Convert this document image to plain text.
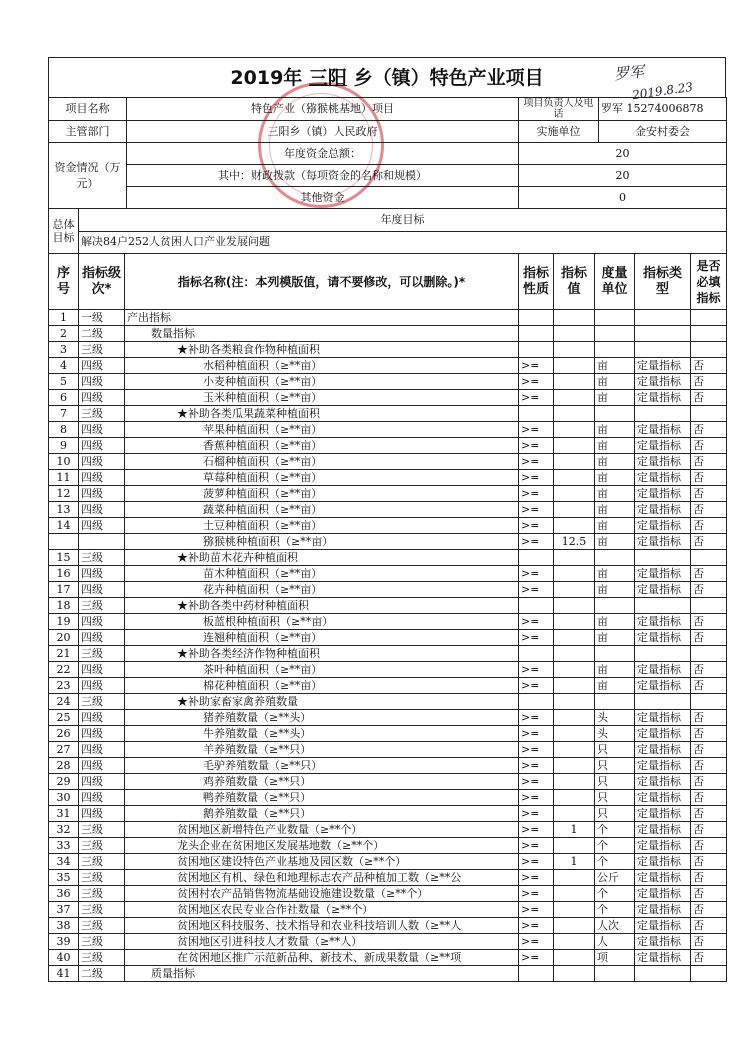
2019年 三阳 乡（镇）特色产业项目	罗军
2019.8.23
项目名称	特色产业（猕猴桃基地）项目	项目负责人及电话	罗军 15274006878
主管部门	三阳乡（镇）人民政府	实施单位	金安村委会
资金情况（万元）	年度资金总额：	20
	其中：财政拨款（每项资金的名称和规模）	20
	其他资金	0
总体目标	年度目标
解决84户252人贫困人口产业发展问题
序号	指标级次*	指标名称(注：本列模版值，请不要修改，可以删除。)*	指标性质	指标值	度量单位	指标类型	是否必填指标
1	一级	产出指标					
2	二级	数量指标					
3	三级	★补助各类粮食作物种植面积					
4	四级	水稻种植面积（≥**亩）	>=		亩	定量指标	否
5	四级	小麦种植面积（≥**亩）	>=		亩	定量指标	否
6	四级	玉米种植面积（≥**亩）	>=		亩	定量指标	否
7	三级	★补助各类瓜果蔬菜种植面积					
8	四级	苹果种植面积（≥**亩）	>=		亩	定量指标	否
9	四级	香蕉种植面积（≥**亩）	>=		亩	定量指标	否
10	四级	石榴种植面积（≥**亩）	>=		亩	定量指标	否
11	四级	草莓种植面积（≥**亩）	>=		亩	定量指标	否
12	四级	菠萝种植面积（≥**亩）	>=		亩	定量指标	否
13	四级	蔬菜种植面积（≥**亩）	>=		亩	定量指标	否
14	四级	土豆种植面积（≥**亩）	>=		亩	定量指标	否
		猕猴桃种植面积（≥**亩）	>=	12.5	亩	定量指标	否
15	三级	★补助苗木花卉种植面积					
16	四级	苗木种植面积（≥**亩）	>=		亩	定量指标	否
17	四级	花卉种植面积（≥**亩）	>=		亩	定量指标	否
18	三级	★补助各类中药材种植面积					
19	四级	板蓝根种植面积（≥**亩）	>=		亩	定量指标	否
20	四级	连翘种植面积（≥**亩）	>=		亩	定量指标	否
21	三级	★补助各类经济作物种植面积					
22	四级	茶叶种植面积（≥**亩）	>=		亩	定量指标	否
23	四级	棉花种植面积（≥**亩）	>=		亩	定量指标	否
24	三级	★补助家畜家禽养殖数量					
25	四级	猪养殖数量（≥**头）	>=		头	定量指标	否
26	四级	牛养殖数量（≥**头）	>=		头	定量指标	否
27	四级	羊养殖数量（≥**只）	>=		只	定量指标	否
28	四级	毛驴养殖数量（≥**只）	>=		只	定量指标	否
29	四级	鸡养殖数量（≥**只）	>=		只	定量指标	否
30	四级	鸭养殖数量（≥**只）	>=		只	定量指标	否
31	四级	鹅养殖数量（≥**只）	>=		只	定量指标	否
32	三级	贫困地区新增特色产业数量（≥**个）	>=	1	个	定量指标	否
33	三级	龙头企业在贫困地区发展基地数（≥**个）	>=		个	定量指标	否
34	三级	贫困地区建设特色产业基地及园区数（≥**个）	>=	1	个	定量指标	否
35	三级	贫困地区有机、绿色和地理标志农产品种植加工数（≥**公	>=		公斤	定量指标	否
36	三级	贫困村农产品销售物流基础设施建设数量（≥**个）	>=		个	定量指标	否
37	三级	贫困地区农民专业合作社数量（≥**个）	>=		个	定量指标	否
38	三级	贫困地区科技服务、技术指导和农业科技培训人数（≥**人	>=		人次	定量指标	否
39	三级	贫困地区引进科技人才数量（≥**人）	>=		人	定量指标	否
40	三级	在贫困地区推广示范新品种、新技术、新成果数量（≥**项	>=		项	定量指标	否
41	二级	质量指标					
